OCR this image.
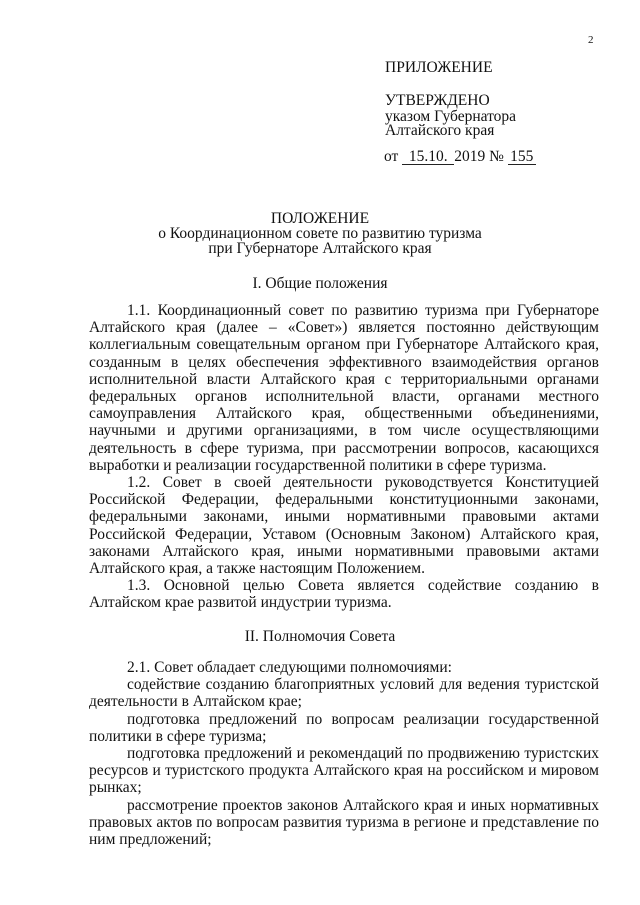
2
ПРИЛОЖЕНИЕ
УТВЕРЖДЕНО
указом Губернатора
Алтайского края
от 15.10. 2019 № 155
ПОЛОЖЕНИЕ
о Координационном совете по развитию туризма
при Губернаторе Алтайского края
I. Общие положения

1.1. Координационный совет по развитию туризма при Губернаторе Алтайского края (далее – «Совет») является постоянно действующим коллегиальным совещательным органом при Губернаторе Алтайского края, созданным в целях обеспечения эффективного взаимодействия органов исполнительной власти Алтайского края с территориальными органами федеральных органов исполнительной власти, органами местного самоуправления Алтайского края, общественными объединениями, научными и другими организациями, в том числе осуществляющими деятельность в сфере туризма, при рассмотрении вопросов, касающихся выработки и реализации государственной политики в сфере туризма.

1.2. Совет в своей деятельности руководствуется Конституцией Российской Федерации, федеральными конституционными законами, федеральными законами, иными нормативными правовыми актами Российской Федерации, Уставом (Основным Законом) Алтайского края, законами Алтайского края, иными нормативными правовыми актами Алтайского края, а также настоящим Положением.

1.3. Основной целью Совета является содействие созданию в Алтайском крае развитой индустрии туризма.

II. Полномочия Совета

2.1. Совет обладает следующими полномочиями:

содействие созданию благоприятных условий для ведения туристской деятельности в Алтайском крае;

подготовка предложений по вопросам реализации государственной политики в сфере туризма;

подготовка предложений и рекомендаций по продвижению туристских ресурсов и туристского продукта Алтайского края на российском и мировом рынках;

рассмотрение проектов законов Алтайского края и иных нормативных правовых актов по вопросам развития туризма в регионе и представление по ним предложений;
